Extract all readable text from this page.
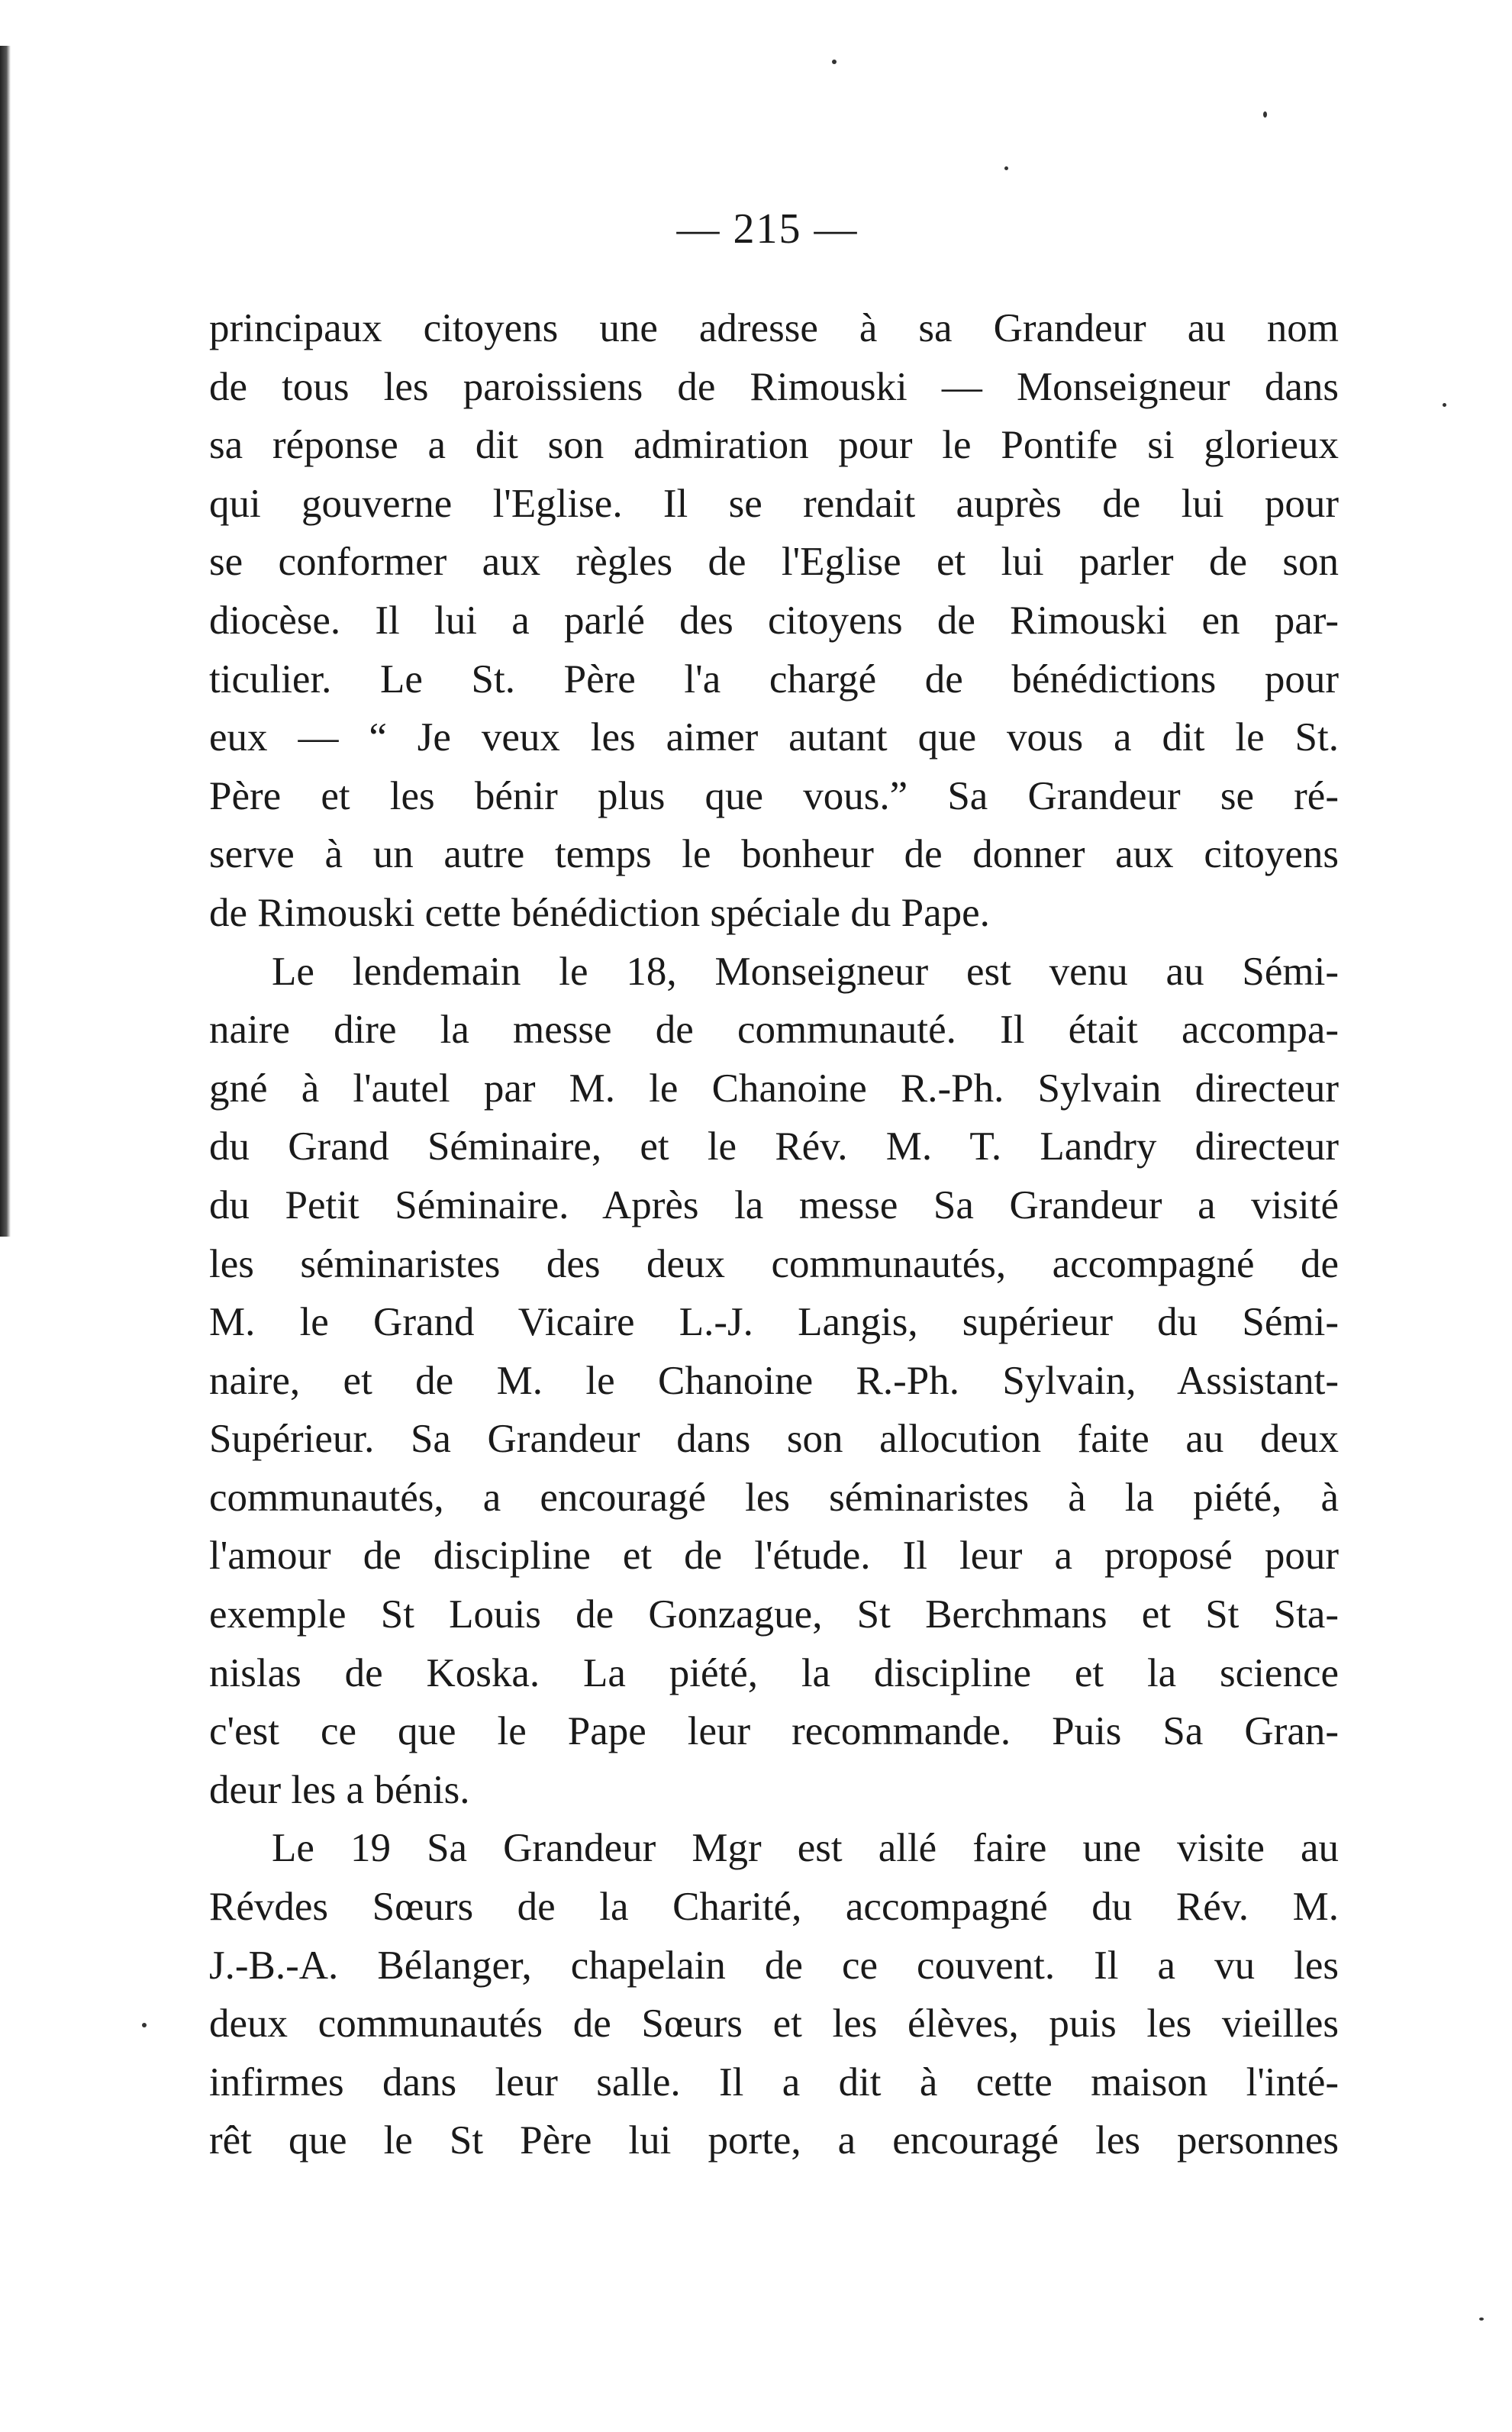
— 215 —
principaux citoyens une adresse à sa Grandeur au nom
de tous les paroissiens de Rimouski — Monseigneur dans
sa réponse a dit son admiration pour le Pontife si glorieux
qui gouverne l'Eglise. Il se rendait auprès de lui pour
se conformer aux règles de l'Eglise et lui parler de son
diocèse. Il lui a parlé des citoyens de Rimouski en par-
ticulier. Le St. Père l'a chargé de bénédictions pour
eux — “ Je veux les aimer autant que vous a dit le St.
Père et les bénir plus que vous.” Sa Grandeur se ré-
serve à un autre temps le bonheur de donner aux citoyens
de Rimouski cette bénédiction spéciale du Pape.
Le lendemain le 18, Monseigneur est venu au Sémi-
naire dire la messe de communauté. Il était accompa-
gné à l'autel par M. le Chanoine R.-Ph. Sylvain directeur
du Grand Séminaire, et le Rév. M. T. Landry directeur
du Petit Séminaire. Après la messe Sa Grandeur a visité
les séminaristes des deux communautés, accompagné de
M. le Grand Vicaire L.-J. Langis, supérieur du Sémi-
naire, et de M. le Chanoine R.-Ph. Sylvain, Assistant-
Supérieur. Sa Grandeur dans son allocution faite au deux
communautés, a encouragé les séminaristes à la piété, à
l'amour de discipline et de l'étude. Il leur a proposé pour
exemple St Louis de Gonzague, St Berchmans et St Sta-
nislas de Koska. La piété, la discipline et la science
c'est ce que le Pape leur recommande. Puis Sa Gran-
deur les a bénis.
Le 19 Sa Grandeur Mgr est allé faire une visite au
Révdes Sœurs de la Charité, accompagné du Rév. M.
J.-B.-A. Bélanger, chapelain de ce couvent. Il a vu les
deux communautés de Sœurs et les élèves, puis les vieilles
infirmes dans leur salle. Il a dit à cette maison l'inté-
rêt que le St Père lui porte, a encouragé les personnes
